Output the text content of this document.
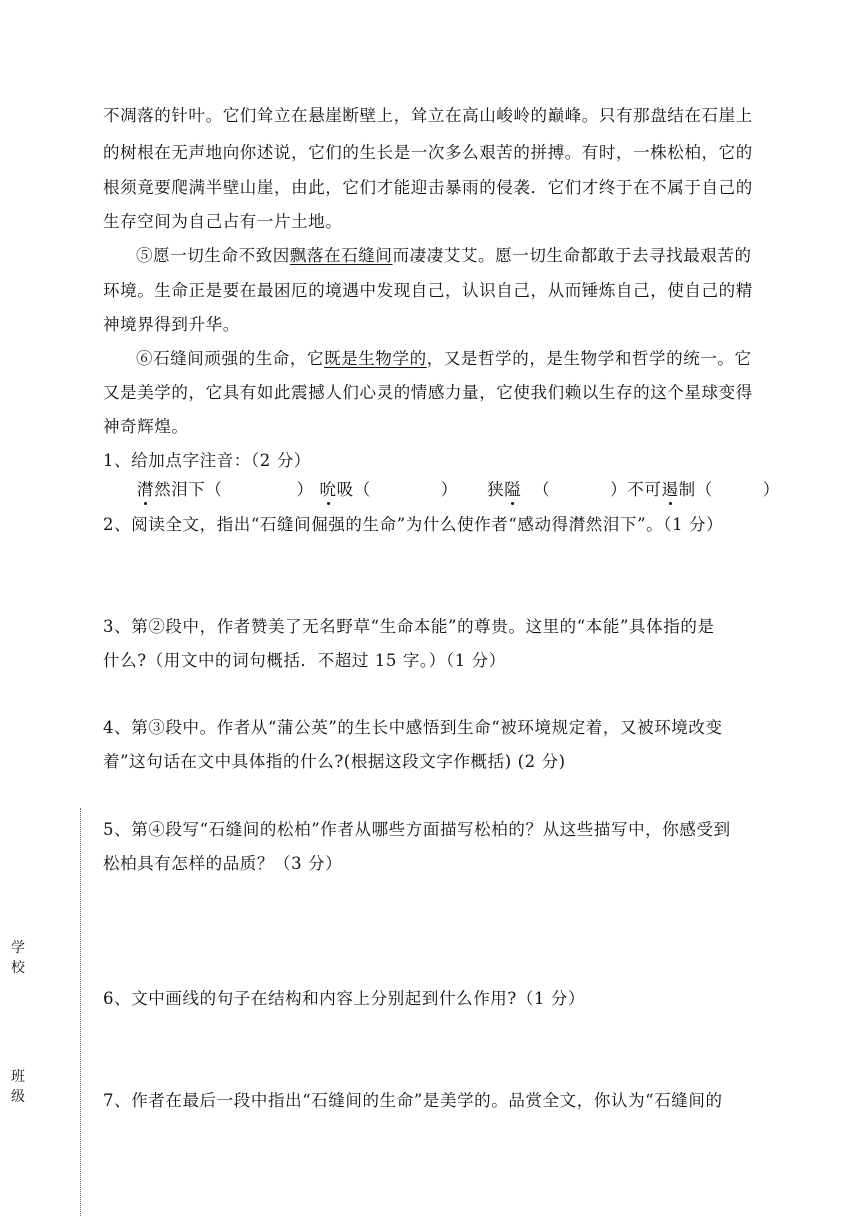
不凋落的针叶。它们耸立在悬崖断壁上，耸立在高山峻岭的巅峰。只有那盘结在石崖上
的树根在无声地向你述说，它们的生长是一次多么艰苦的拼搏。有时，一株松柏，它的
根须竟要爬满半壁山崖，由此，它们才能迎击暴雨的侵袭．它们才终于在不属于自己的
生存空间为自己占有一片土地。
⑤愿一切生命不致因飘落在石缝间而凄凄艾艾。愿一切生命都敢于去寻找最艰苦的
环境。生命正是要在最困厄的境遇中发现自己，认识自己，从而锤炼自己，使自己的精
神境界得到升华。
⑥石缝间顽强的生命，它既是生物学的，又是哲学的，是生物学和哲学的统一。它
又是美学的，它具有如此震撼人们心灵的情感力量，它使我们赖以生存的这个星球变得
神奇辉煌。
1、给加点字注音：（2 分）
潸然泪下（	） 吮吸（	） 狭隘 （	）不可遏制（	）
2、阅读全文，指出“石缝间倔强的生命”为什么使作者“感动得潸然泪下”。（1 分）
3、第②段中，作者赞美了无名野草“生命本能”的尊贵。这里的“本能”具体指的是
什么?（用文中的词句概括．不超过 15 字。）（1 分）
4、第③段中。作者从“蒲公英”的生长中感悟到生命“被环境规定着，又被环境改变
着”这句话在文中具体指的什么?(根据这段文字作概括) (2 分)
5、第④段写“石缝间的松柏”作者从哪些方面描写松柏的？从这些描写中，你感受到
松柏具有怎样的品质？（3 分）
6、文中画线的句子在结构和内容上分别起到什么作用?（1 分）
7、作者在最后一段中指出“石缝间的生命”是美学的。品赏全文，你认为“石缝间的
学
校
班
级
